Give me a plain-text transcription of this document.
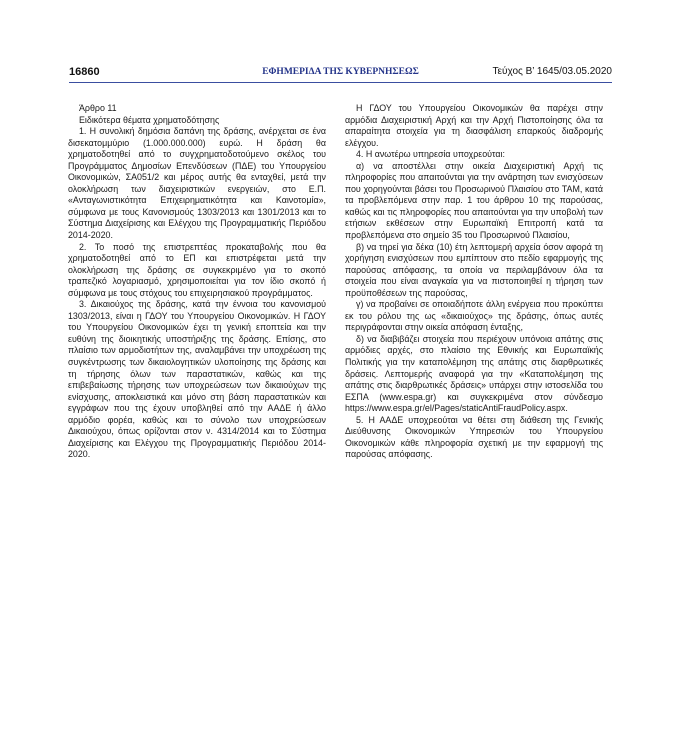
16860	ΕΦΗΜΕΡΙΔΑ ΤΗΣ ΚΥΒΕΡΝΗΣΕΩΣ	Τεύχος Β’ 1645/03.05.2020

Άρθρο 11

Ειδικότερα θέματα χρηματοδότησης

1. Η συνολική δημόσια δαπάνη της δράσης, ανέρχεται σε ένα δισεκατομμύριο (1.000.000.000) ευρώ. Η δράση θα χρηματοδοτηθεί από το συγχρηματοδοτούμενο σκέλος του Προγράμματος Δημοσίων Επενδύσεων (ΠΔΕ) του Υπουργείου Οικονομικών, ΣΑ051/2 και μέρος αυτής θα ενταχθεί, μετά την ολοκλήρωση των διαχειριστικών ενεργειών, στο Ε.Π. «Ανταγωνιστικότητα Επιχειρηματικότητα και Καινοτομία», σύμφωνα με τους Κανονισμούς 1303/2013 και 1301/2013 και το Σύστημα Διαχείρισης και Ελέγχου της Προγραμματικής Περιόδου 2014-2020.

2. Το ποσό της επιστρεπτέας προκαταβολής που θα χρηματοδοτηθεί από το ΕΠ και επιστρέφεται μετά την ολοκλήρωση της δράσης σε συγκεκριμένο για το σκοπό τραπεζικό λογαριασμό, χρησιμοποιείται για τον ίδιο σκοπό ή σύμφωνα με τους στόχους του επιχειρησιακού προγράμματος.

3. Δικαιούχος της δράσης, κατά την έννοια του κανονισμού 1303/2013, είναι η ΓΔΟΥ του Υπουργείου Οικονομικών. Η ΓΔΟΥ του Υπουργείου Οικονομικών έχει τη γενική εποπτεία και την ευθύνη της διοικητικής υποστήριξης της δράσης. Επίσης, στο πλαίσιο των αρμοδιοτήτων της, αναλαμβάνει την υποχρέωση της συγκέντρωσης των δικαιολογητικών υλοποίησης της δράσης και τη τήρησης όλων των παραστατικών, καθώς και της επιβεβαίωσης τήρησης των υποχρεώσεων των δικαιούχων της ενίσχυσης, αποκλειστικά και μόνο στη βάση παραστατικών και εγγράφων που της έχουν υποβληθεί από την ΑΑΔΕ ή άλλο αρμόδιο φορέα, καθώς και το σύνολο των υποχρεώσεων Δικαιούχου, όπως ορίζονται στον ν. 4314/2014 και το Σύστημα Διαχείρισης και Ελέγχου της Προγραμματικής Περιόδου 2014-2020.

Η ΓΔΟΥ του Υπουργείου Οικονομικών θα παρέχει στην αρμόδια Διαχειριστική Αρχή και την Αρχή Πιστοποίησης όλα τα απαραίτητα στοιχεία για τη διασφάλιση επαρκούς διαδρομής ελέγχου.

4. Η ανωτέρω υπηρεσία υποχρεούται:

α) να αποστέλλει στην οικεία Διαχειριστική Αρχή τις πληροφορίες που απαιτούνται για την ανάρτηση των ενισχύσεων που χορηγούνται βάσει του Προσωρινού Πλαισίου στο ΤΑΜ, κατά τα προβλεπόμενα στην παρ. 1 του άρθρου 10 της παρούσας, καθώς και τις πληροφορίες που απαιτούνται για την υποβολή των ετήσιων εκθέσεων στην Ευρωπαϊκή Επιτροπή κατά τα προβλεπόμενα στο σημείο 35 του Προσωρινού Πλαισίου,

β) να τηρεί για δέκα (10) έτη λεπτομερή αρχεία όσον αφορά τη χορήγηση ενισχύσεων που εμπίπτουν στο πεδίο εφαρμογής της παρούσας απόφασης, τα οποία να περιλαμβάνουν όλα τα στοιχεία που είναι αναγκαία για να πιστοποιηθεί η τήρηση των προϋποθέσεων της παρούσας,

γ) να προβαίνει σε οποιαδήποτε άλλη ενέργεια που προκύπτει εκ του ρόλου της ως «δικαιούχος» της δράσης, όπως αυτές περιγράφονται στην οικεία απόφαση ένταξης,

δ) να διαβιβάζει στοιχεία που περιέχουν υπόνοια απάτης στις αρμόδιες αρχές, στο πλαίσιο της Εθνικής και Ευρωπαϊκής Πολιτικής για την καταπολέμηση της απάτης στις διαρθρωτικές δράσεις. Λεπτομερής αναφορά για την «Καταπολέμηση της απάτης στις διαρθρωτικές δράσεις» υπάρχει στην ιστοσελίδα του ΕΣΠΑ (www.espa.gr) και συγκεκριμένα στον σύνδεσμο https://www.espa.gr/el/Pages/staticAntiFraudPolicy.aspx.

5. Η ΑΑΔΕ υποχρεούται να θέτει στη διάθεση της Γενικής Διεύθυνσης Οικονομικών Υπηρεσιών του Υπουργείου Οικονομικών κάθε πληροφορία σχετική με την εφαρμογή της παρούσας απόφασης.
